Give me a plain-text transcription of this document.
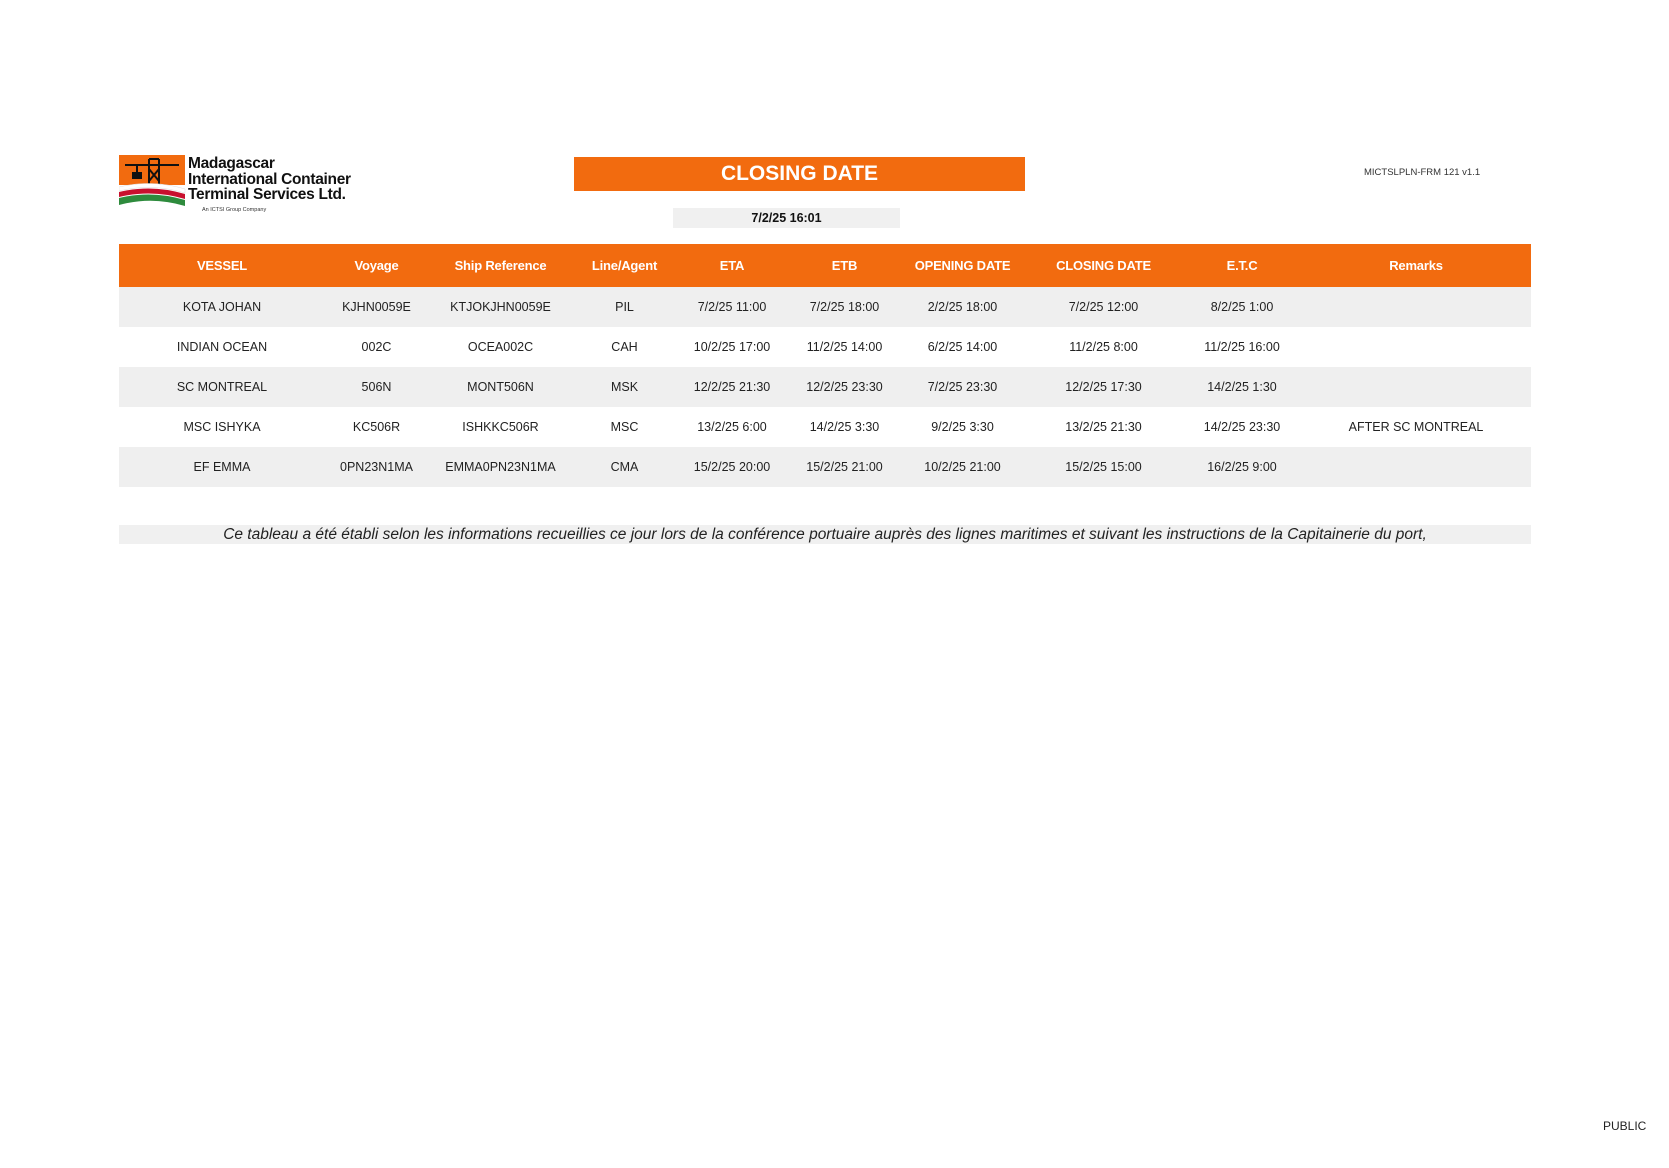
Madagascar
International Container
Terminal Services Ltd.
An ICTSI Group Company
CLOSING DATE
7/2/25 16:01
MICTSLPLN-FRM 121 v1.1
VESSEL	Voyage	Ship Reference	Line/Agent	ETA	ETB	OPENING DATE	CLOSING DATE	E.T.C	Remarks
KOTA JOHAN	KJHN0059E	KTJOKJHN0059E	PIL	7/2/25 11:00	7/2/25 18:00	2/2/25 18:00	7/2/25 12:00	8/2/25 1:00	
INDIAN OCEAN	002C	OCEA002C	CAH	10/2/25 17:00	11/2/25 14:00	6/2/25 14:00	11/2/25 8:00	11/2/25 16:00	
SC MONTREAL	506N	MONT506N	MSK	12/2/25 21:30	12/2/25 23:30	7/2/25 23:30	12/2/25 17:30	14/2/25 1:30	
MSC ISHYKA	KC506R	ISHKKC506R	MSC	13/2/25 6:00	14/2/25 3:30	9/2/25 3:30	13/2/25 21:30	14/2/25 23:30	AFTER SC MONTREAL
EF EMMA	0PN23N1MA	EMMA0PN23N1MA	CMA	15/2/25 20:00	15/2/25 21:00	10/2/25 21:00	15/2/25 15:00	16/2/25 9:00	
Ce tableau a été établi selon les informations recueillies ce jour lors de la conférence portuaire auprès des lignes maritimes et suivant les instructions de la Capitainerie du port,
PUBLIC
